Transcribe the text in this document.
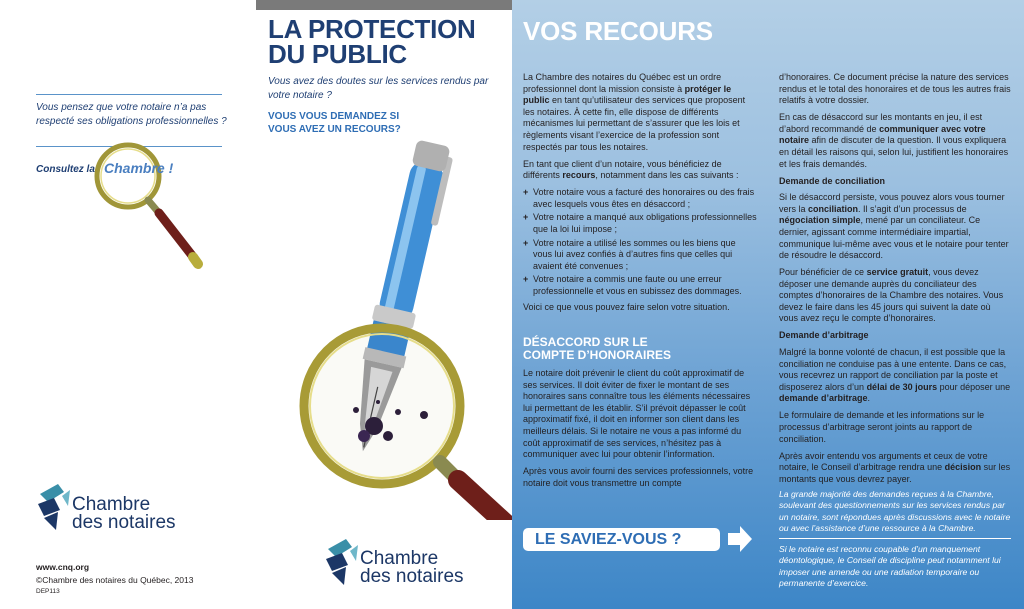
Vous pensez que votre notaire n’a pas respecté ses obligations professionnelles ?
Consultez la Chambre !
Chambre
des notaires
www.cnq.org
©Chambre des notaires du Québec, 2013
DEP113
LA PROTECTION
DU PUBLIC
Vous avez des doutes sur les services rendus par votre notaire ?
VOUS VOUS DEMANDEZ SI
VOUS AVEZ UN RECOURS?
Chambre
des notaires
VOS RECOURS

La Chambre des notaires du Québec est un ordre professionnel dont la mission consiste à protéger le public en tant qu’utilisateur des services que proposent les notaires. À cette fin, elle dispose de différents mécanismes lui permettant de s’assurer que les lois et règlements visant l’exercice de la profession sont respectés par tous les notaires.

En tant que client d’un notaire, vous bénéficiez de différents recours, notamment dans les cas suivants :

+ Votre notaire vous a facturé des honoraires ou des frais avec lesquels vous êtes en désaccord ;
+ Votre notaire a manqué aux obligations professionnelles que la loi lui impose ;
+ Votre notaire a utilisé les sommes ou les biens que vous lui avez confiés à d’autres fins que celles qui avaient été convenues ;
+ Votre notaire a commis une faute ou une erreur professionnelle et vous en subissez des dommages.

Voici ce que vous pouvez faire selon votre situation.

DÉSACCORD SUR LE
COMPTE D’HONORAIRES

Le notaire doit prévenir le client du coût approximatif de ses services. Il doit éviter de fixer le montant de ses honoraires sans connaître tous les éléments nécessaires lui permettant de les établir. S’il prévoit dépasser le coût approximatif fixé, il doit en informer son client dans les meilleurs délais. Si le notaire ne vous a pas informé du coût approximatif de ses services, n’hésitez pas à communiquer avec lui pour obtenir l’information.

Après vous avoir fourni des services professionnels, votre notaire doit vous transmettre un compte

LE SAVIEZ-VOUS ?

d’honoraires. Ce document précise la nature des services rendus et le total des honoraires et de tous les autres frais relatifs à votre dossier.

En cas de désaccord sur les montants en jeu, il est d’abord recommandé de communiquer avec votre notaire afin de discuter de la question. Il vous expliquera en détail les raisons qui, selon lui, justifient les honoraires et les frais demandés.

Demande de conciliation

Si le désaccord persiste, vous pouvez alors vous tourner vers la conciliation. Il s’agit d’un processus de négociation simple, mené par un conciliateur. Ce dernier, agissant comme intermédiaire impartial, communique lui-même avec vous et le notaire pour tenter de résoudre le désaccord.

Pour bénéficier de ce service gratuit, vous devez déposer une demande auprès du conciliateur des comptes d’honoraires de la Chambre des notaires. Vous devez le faire dans les 45 jours qui suivent la date où vous avez reçu le compte d’honoraires.

Demande d’arbitrage

Malgré la bonne volonté de chacun, il est possible que la conciliation ne conduise pas à une entente. Dans ce cas, vous recevrez un rapport de conciliation par la poste et disposerez alors d’un délai de 30 jours pour déposer une demande d’arbitrage.

Le formulaire de demande et les informations sur le processus d’arbitrage seront joints au rapport de conciliation.

Après avoir entendu vos arguments et ceux de votre notaire, le Conseil d’arbitrage rendra une décision sur les montants que vous devrez payer.

La grande majorité des demandes reçues à la Chambre, soulevant des questionnements sur les services rendus par un notaire, sont répondues après discussions avec le notaire ou avec l’assistance d’une ressource à la Chambre.
Si le notaire est reconnu coupable d’un manquement déontologique, le Conseil de discipline peut notamment lui imposer une amende ou une radiation temporaire ou permanente d’exercice.
